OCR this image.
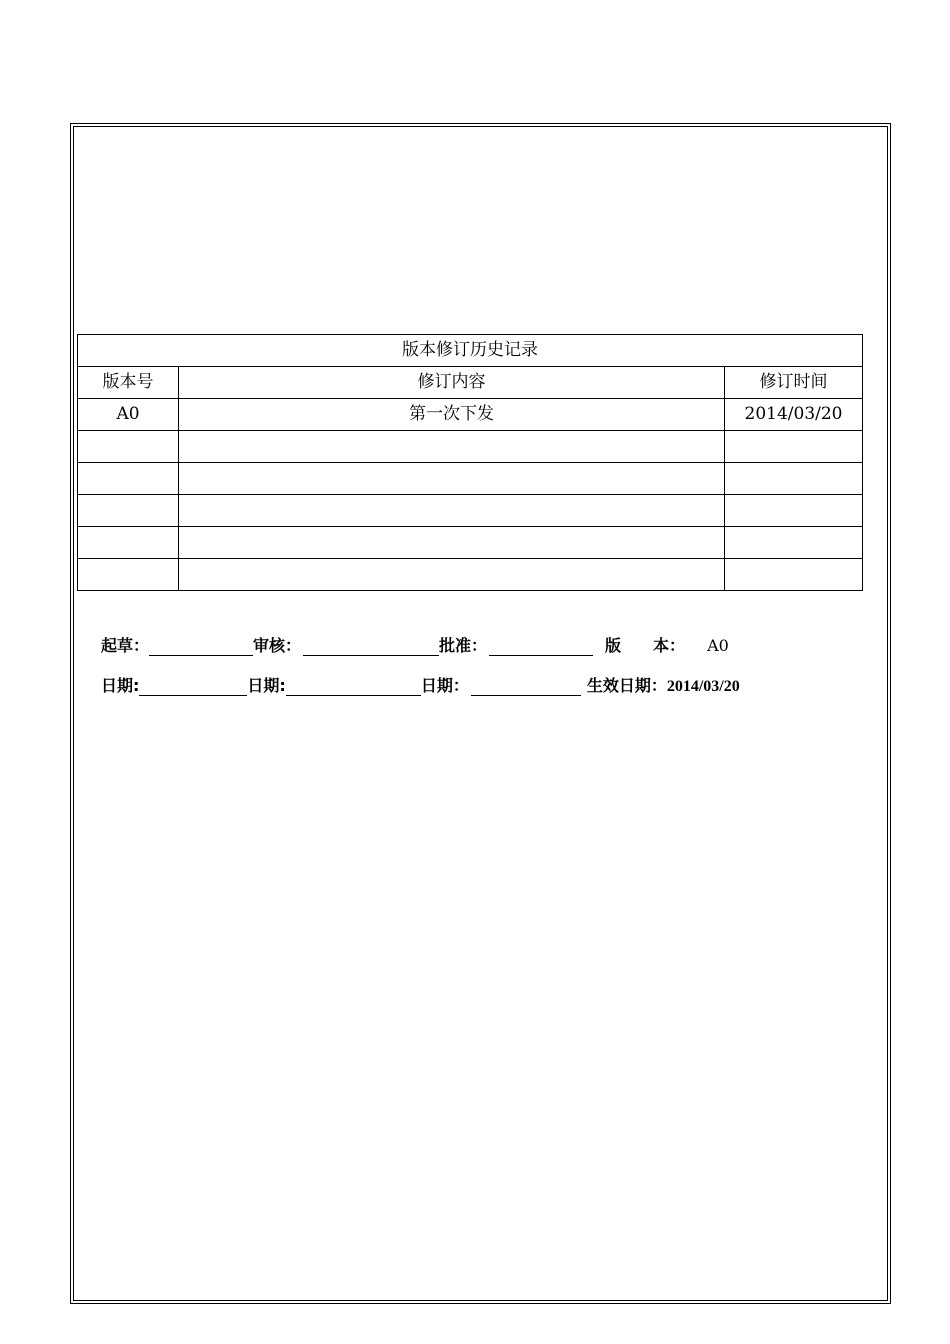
版本修订历史记录		
版本号	修订内容	修订时间
A0	第一次下发	2014/03/20

起草：	审核：	批准：	版　　本： A0
日期:	日期:	日期：	生效日期：2014/03/20
